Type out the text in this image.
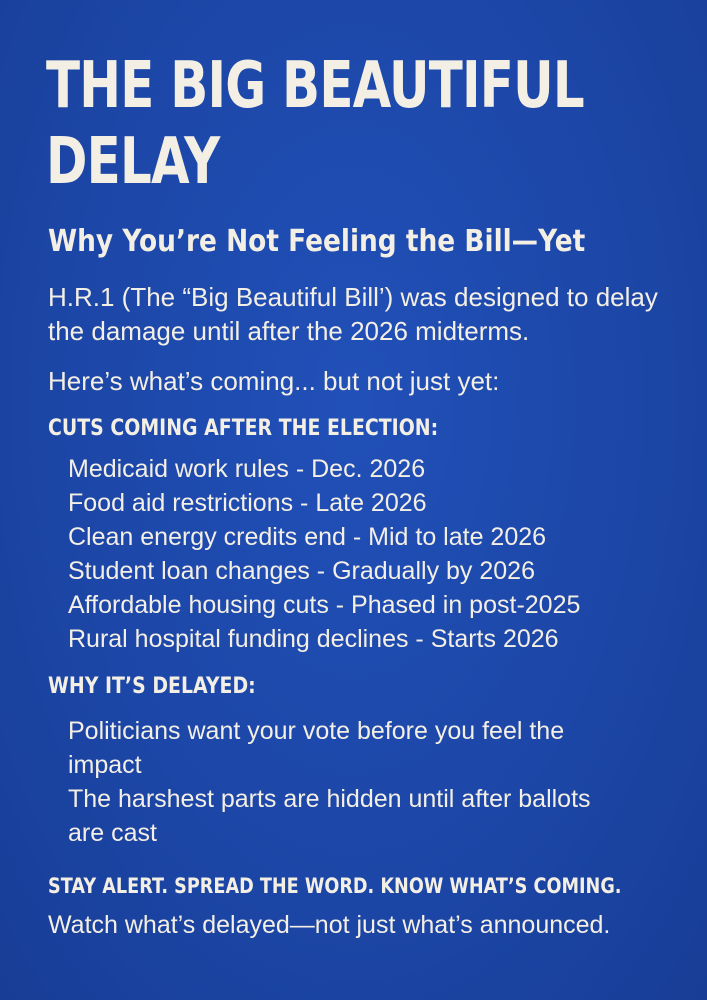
THE BIG BEAUTIFUL
DELAY
Why You’re Not Feeling the Bill—Yet

H.R.1 (The “Big Beautiful Bill’) was designed to delay the damage until after the 2026 midterms.

Here’s what’s coming... but not just yet:

CUTS COMING AFTER THE ELECTION:
Medicaid work rules - Dec. 2026
Food aid restrictions - Late 2026
Clean energy credits end - Mid to late 2026
Student loan changes - Gradually by 2026
Affordable housing cuts - Phased in post-2025
Rural hospital funding declines - Starts 2026
WHY IT’S DELAYED:
Politicians want your vote before you feel the impact
The harshest parts are hidden until after ballots are cast
STAY ALERT. SPREAD THE WORD. KNOW WHAT’S COMING.

Watch what’s delayed—not just what’s announced.
